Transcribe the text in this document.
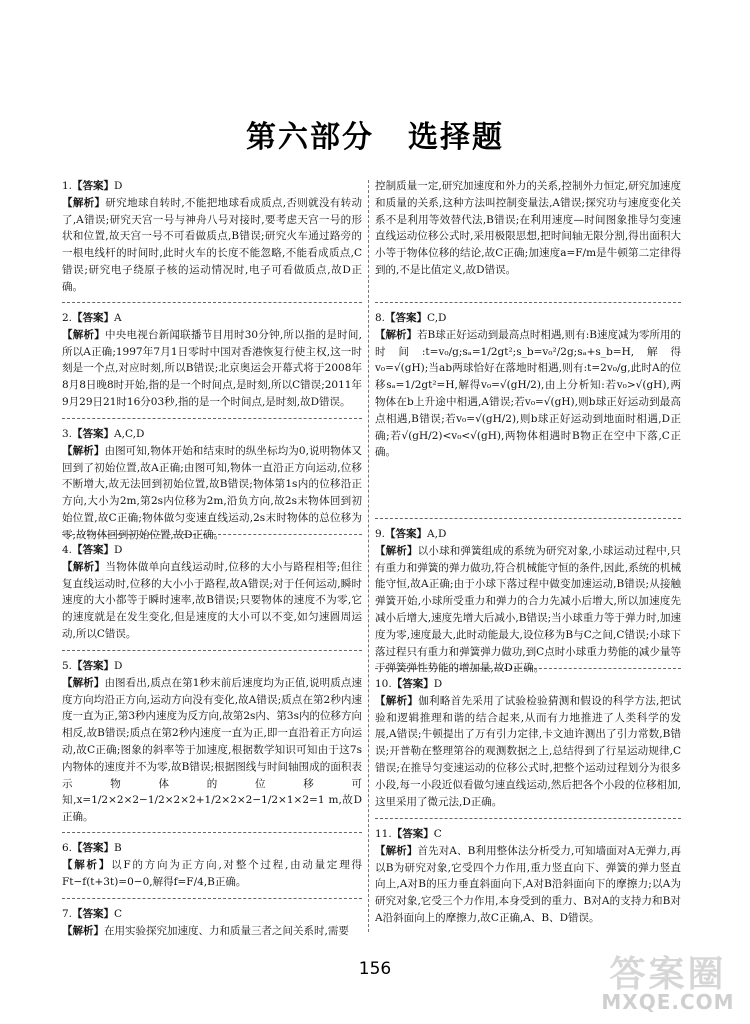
第六部分 选择题
1.【答案】D
【解析】研究地球自转时,不能把地球看成质点,否则就没有转动了,A错误;研究天宫一号与神舟八号对接时,要考虑天宫一号的形状和位置,故天宫一号不可看做质点,B错误;研究火车通过路旁的一根电线杆的时间时,此时火车的长度不能忽略,不能看成质点,C错误;研究电子绕原子核的运动情况时,电子可看做质点,故D正确。
2.【答案】A
【解析】中央电视台新闻联播节目用时30分钟,所以指的是时间,所以A正确;1997年7月1日零时中国对香港恢复行使主权,这一时刻是一个点,对应时刻,所以B错误;北京奥运会开幕式将于2008年8月8日晚8时开始,指的是一个时间点,是时刻,所以C错误;2011年9月29日21时16分03秒,指的是一个时间点,是时刻,故D错误。
3.【答案】A,C,D
【解析】由图可知,物体开始和结束时的纵坐标均为0,说明物体又回到了初始位置,故A正确;由图可知,物体一直沿正方向运动,位移不断增大,故无法回到初始位置,故B错误;物体第1s内的位移沿正方向,大小为2m,第2s内位移为2m,沿负方向,故2s末物体回到初始位置,故C正确;物体做匀变速直线运动,2s末时物体的总位移为零,故物体回到初始位置,故D正确。
4.【答案】D
【解析】当物体做单向直线运动时,位移的大小与路程相等;但往复直线运动时,位移的大小小于路程,故A错误;对于任何运动,瞬时速度的大小都等于瞬时速率,故B错误;只要物体的速度不为零,它的速度就是在发生变化,但是速度的大小可以不变,如匀速圆周运动,所以C错误。
5.【答案】D
【解析】由图看出,质点在第1秒末前后速度均为正值,说明质点速度方向均沿正方向,运动方向没有变化,故A错误;质点在第2秒内速度一直为正,第3秒内速度为反方向,故第2s内、第3s内的位移方向相反,故B错误;质点在第2秒内速度一直为正,即一直沿着正方向运动,故C正确;图象的斜率等于加速度,根据数学知识可知由于这7s内物体的速度并不为零,故B错误;根据图线与时间轴围成的面积表示物体的位移可知,x=1/2×2×2−1/2×2×2+1/2×2×2−1/2×1×2=1 m,故D正确。
6.【答案】B
【解析】以F的方向为正方向,对整个过程,由动量定理得Ft−f(t+3t)=0−0,解得f=F/4,B正确。
7.【答案】C
【解析】在用实验探究加速度、力和质量三者之间关系时,需要
控制质量一定,研究加速度和外力的关系,控制外力恒定,研究加速度和质量的关系,这种方法叫控制变量法,A错误;探究功与速度变化关系不是利用等效替代法,B错误;在利用速度—时间图象推导匀变速直线运动位移公式时,采用极限思想,把时间轴无限分割,得出面积大小等于物体位移的结论,故C正确;加速度a=F/m是牛顿第二定律得到的,不是比值定义,故D错误。
8.【答案】C,D
【解析】若B球正好运动到最高点时相遇,则有:B速度减为零所用的时间:t=v₀/g;sₐ=1/2gt²;s_b=v₀²/2g;sₐ+s_b=H,解得v₀=√(gH);当ab两球恰好在落地时相遇,则有:t=2v₀/g,此时A的位移sₐ=1/2gt²=H,解得v₀=√(gH/2),由上分析知:若v₀>√(gH),两物体在b上升途中相遇,A错误;若v₀=√(gH),则b球正好运动到最高点相遇,B错误;若v₀=√(gH/2),则b球正好运动到地面时相遇,D正确;若√(gH/2)<v₀<√(gH),两物体相遇时B物正在空中下落,C正确。
9.【答案】A,D
【解析】以小球和弹簧组成的系统为研究对象,小球运动过程中,只有重力和弹簧的弹力做功,符合机械能守恒的条件,因此,系统的机械能守恒,故A正确;由于小球下落过程中做变加速运动,B错误;从接触弹簧开始,小球所受重力和弹力的合力先减小后增大,所以加速度先减小后增大,速度先增大后减小,B错误;当小球重力等于弹力时,加速度为零,速度最大,此时动能最大,设位移为B与C之间,C错误;小球下落过程只有重力和弹簧弹力做功,到C点时小球重力势能的减少量等于弹簧弹性势能的增加量,故D正确。
10.【答案】D
【解析】伽利略首先采用了试验检验猜测和假设的科学方法,把试验和逻辑推理和谐的结合起来,从而有力地推进了人类科学的发展,A错误;牛顿提出了万有引力定律,卡文迪许测出了引力常数,B错误;开普勒在整理第谷的观测数据之上,总结得到了行星运动规律,C错误;在推导匀变速运动的位移公式时,把整个运动过程划分为很多小段,每一小段近似看做匀速直线运动,然后把各个小段的位移相加,这里采用了微元法,D正确。
11.【答案】C
【解析】首先对A、B利用整体法分析受力,可知墙面对A无弹力,再以B为研究对象,它受四个力作用,重力竖直向下、弹簧的弹力竖直向上,A对B的压力垂直斜面向下,A对B沿斜面向下的摩擦力;以A为研究对象,它受三个力作用,本身受到的重力、B对A的支持力和B对A沿斜面向上的摩擦力,故C正确,A、B、D错误。
156	答案圈
MXQE.COM
